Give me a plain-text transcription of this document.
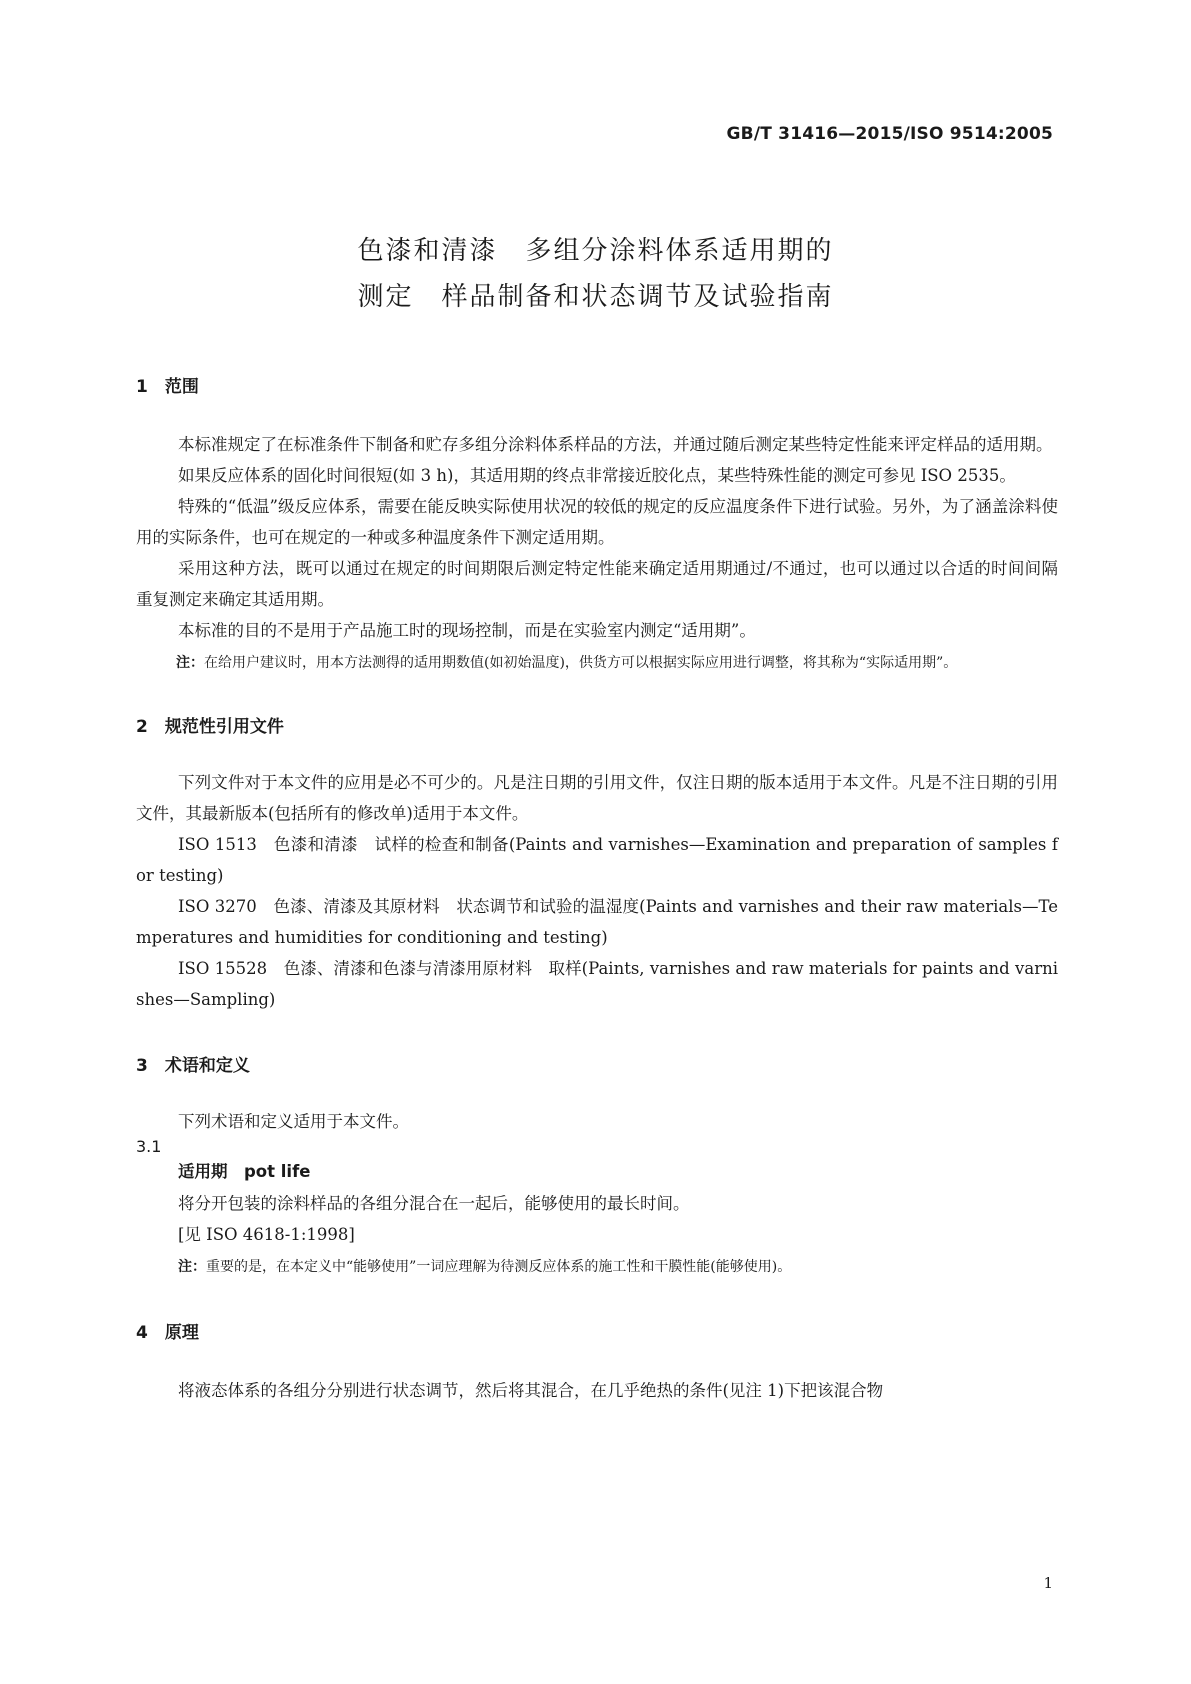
GB/T 31416—2015/ISO 9514:2005
色漆和清漆　多组分涂料体系适用期的
测定　样品制备和状态调节及试验指南

1　范围

本标准规定了在标准条件下制备和贮存多组分涂料体系样品的方法，并通过随后测定某些特定性能来评定样品的适用期。

如果反应体系的固化时间很短(如 3 h)，其适用期的终点非常接近胶化点，某些特殊性能的测定可参见 ISO 2535。

特殊的“低温”级反应体系，需要在能反映实际使用状况的较低的规定的反应温度条件下进行试验。另外，为了涵盖涂料使用的实际条件，也可在规定的一种或多种温度条件下测定适用期。

采用这种方法，既可以通过在规定的时间期限后测定特定性能来确定适用期通过/不通过，也可以通过以合适的时间间隔重复测定来确定其适用期。

本标准的目的不是用于产品施工时的现场控制，而是在实验室内测定“适用期”。

注：在给用户建议时，用本方法测得的适用期数值(如初始温度)，供货方可以根据实际应用进行调整，将其称为“实际适用期”。

2　规范性引用文件

下列文件对于本文件的应用是必不可少的。凡是注日期的引用文件，仅注日期的版本适用于本文件。凡是不注日期的引用文件，其最新版本(包括所有的修改单)适用于本文件。

ISO 1513　色漆和清漆　试样的检查和制备(Paints and varnishes—Examination and preparation of samples for testing)

ISO 3270　色漆、清漆及其原材料　状态调节和试验的温湿度(Paints and varnishes and their raw materials—Temperatures and humidities for conditioning and testing)

ISO 15528　色漆、清漆和色漆与清漆用原材料　取样(Paints, varnishes and raw materials for paints and varnishes—Sampling)

3　术语和定义

下列术语和定义适用于本文件。

3.1

适用期　pot life

将分开包装的涂料样品的各组分混合在一起后，能够使用的最长时间。

[见 ISO 4618-1:1998]

注：重要的是，在本定义中“能够使用”一词应理解为待测反应体系的施工性和干膜性能(能够使用)。

4　原理

将液态体系的各组分分别进行状态调节，然后将其混合，在几乎绝热的条件(见注 1)下把该混合物

1
